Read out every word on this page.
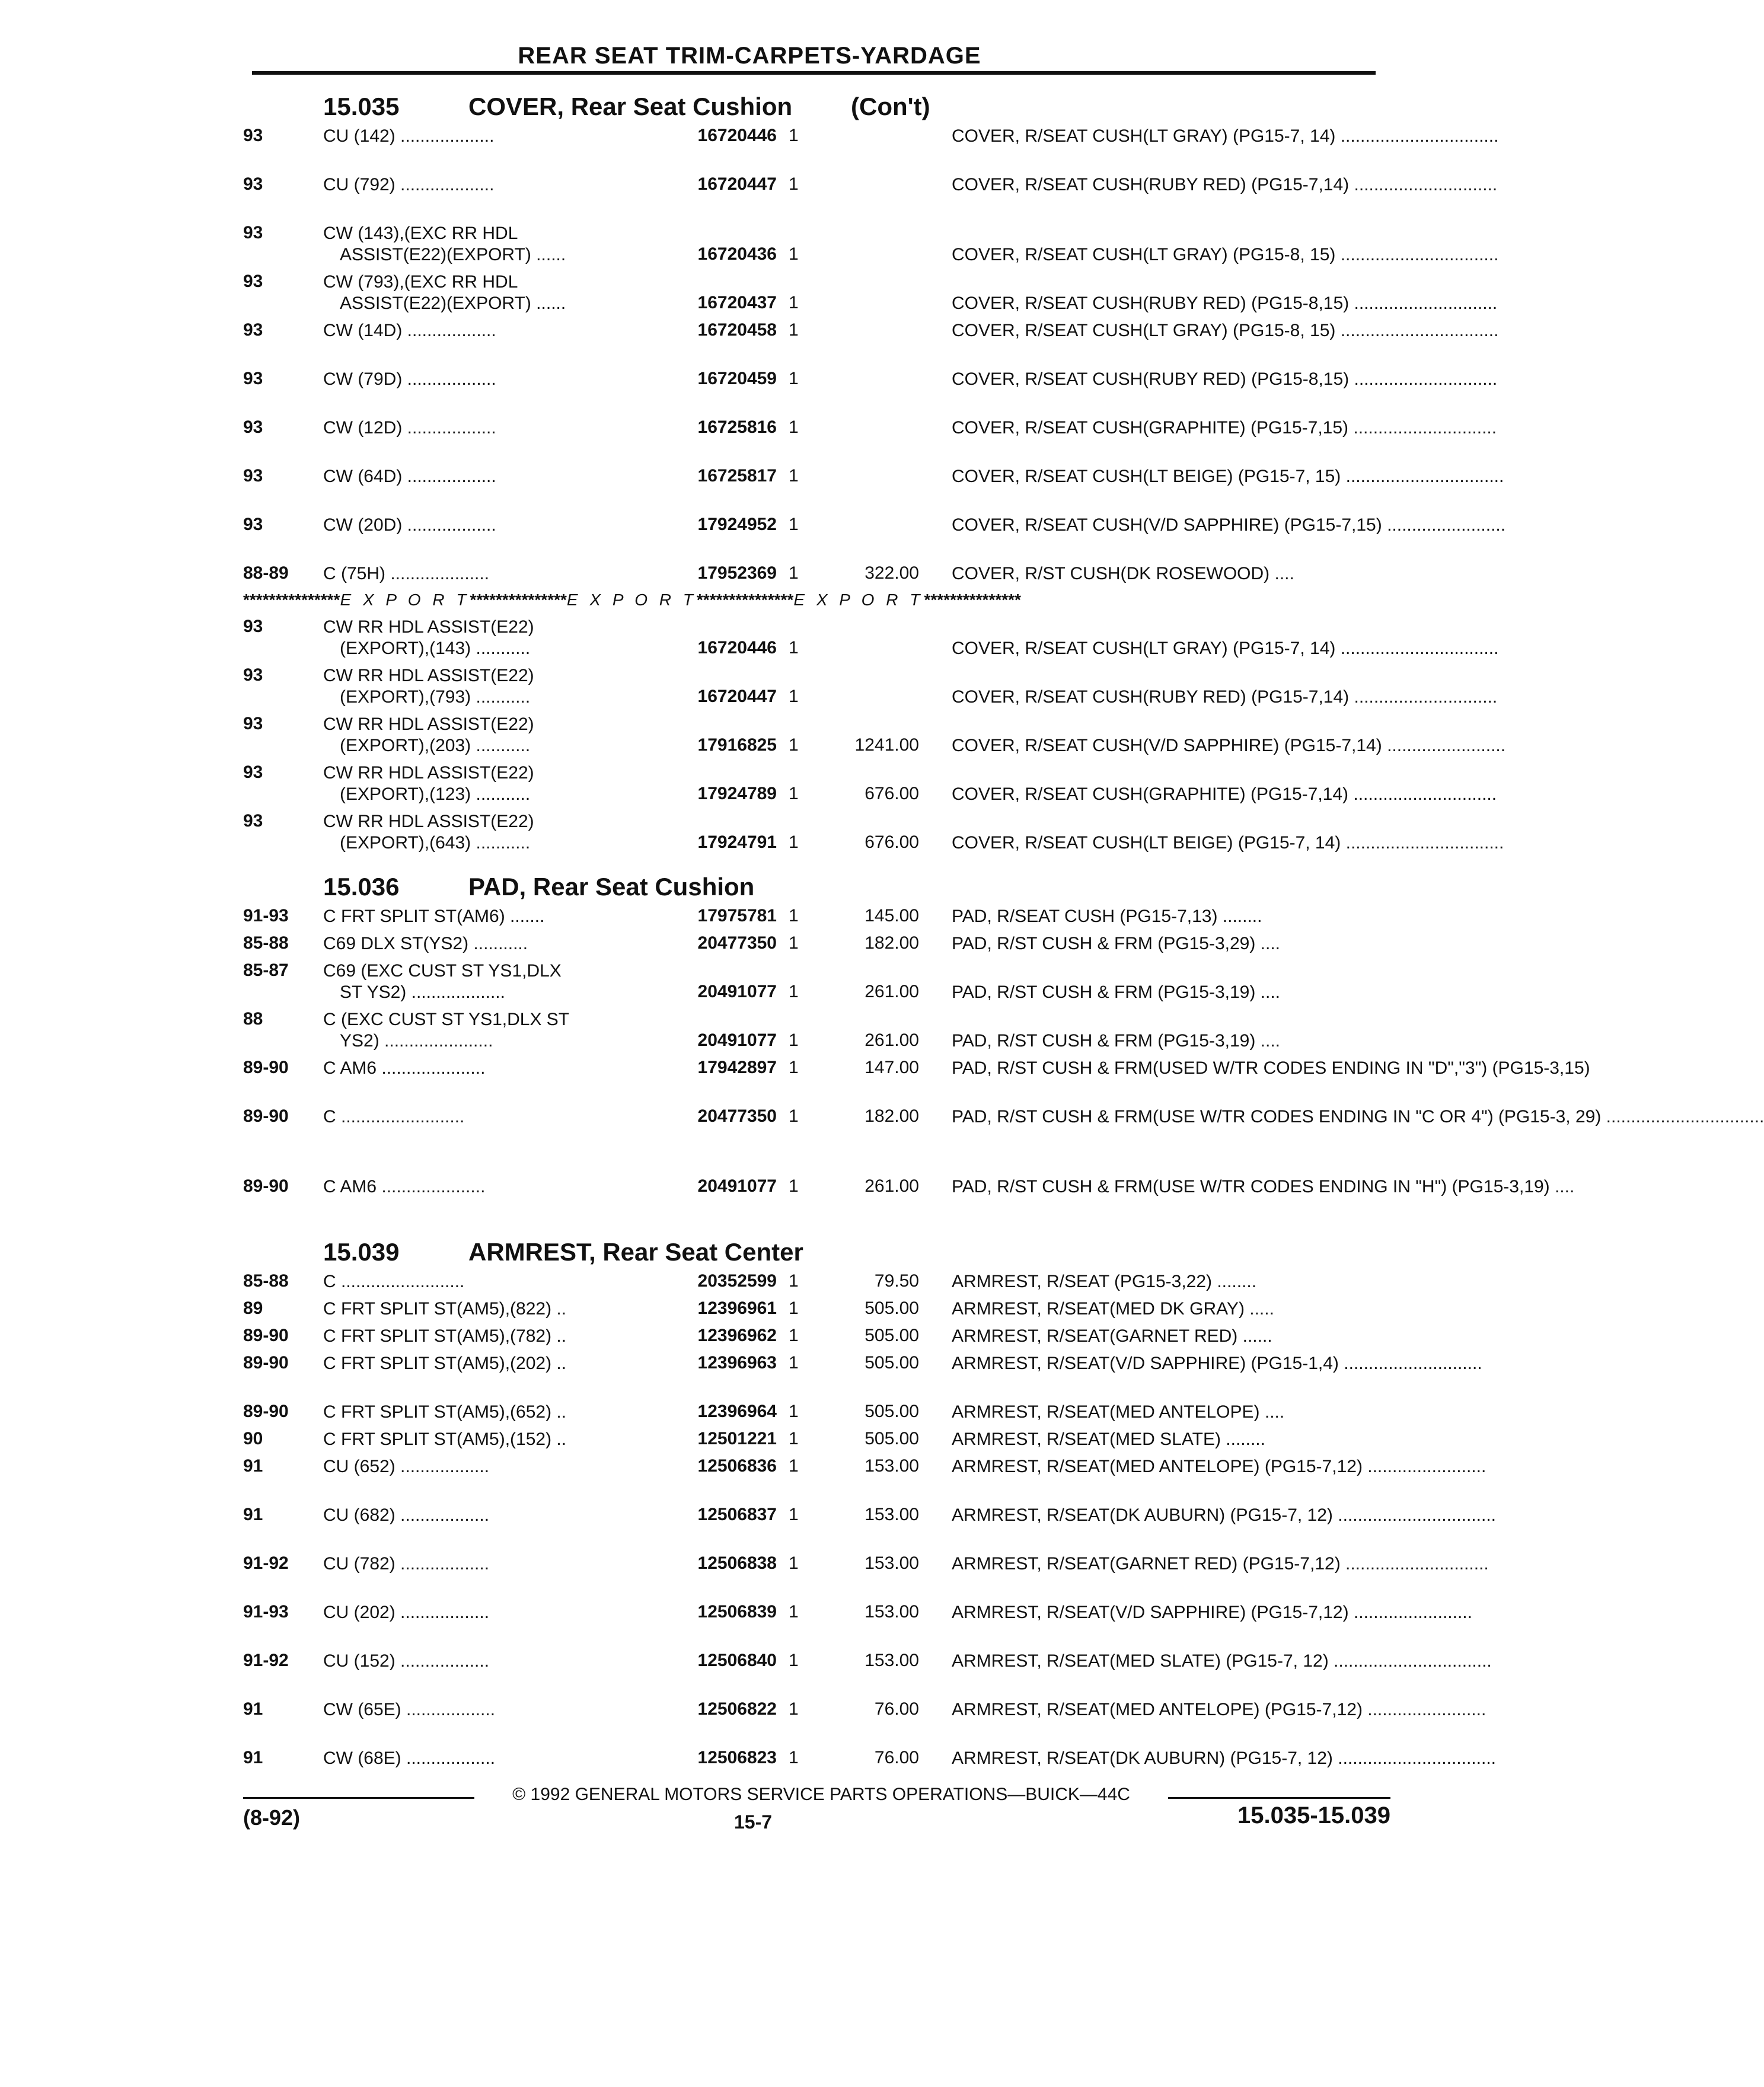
REAR SEAT TRIM-CARPETS-YARDAGE
15.035	COVER, Rear Seat Cushion (Con't)
93	CU (142) ...................	16720446 1	COVER, R/SEAT CUSH(LT GRAY) (PG15-7, 14) ................................
93	CU (792) ...................	16720447 1	COVER, R/SEAT CUSH(RUBY RED) (PG15-7,14) .............................
93	CW (143),(EXC RR HDL
ASSIST(E22)(EXPORT) ......	16720436 1	COVER, R/SEAT CUSH(LT GRAY) (PG15-8, 15) ................................
93	CW (793),(EXC RR HDL
ASSIST(E22)(EXPORT) ......	16720437 1	COVER, R/SEAT CUSH(RUBY RED) (PG15-8,15) .............................
93	CW (14D) ..................	16720458 1	COVER, R/SEAT CUSH(LT GRAY) (PG15-8, 15) ................................
93	CW (79D) ..................	16720459 1	COVER, R/SEAT CUSH(RUBY RED) (PG15-8,15) .............................
93	CW (12D) ..................	16725816 1	COVER, R/SEAT CUSH(GRAPHITE) (PG15-7,15) .............................
93	CW (64D) ..................	16725817 1	COVER, R/SEAT CUSH(LT BEIGE) (PG15-7, 15) ................................
93	CW (20D) ..................	17924952 1	COVER, R/SEAT CUSH(V/D SAPPHIRE) (PG15-7,15) ........................
88-89	C (75H) ....................	17952369 1	322.00 COVER, R/ST CUSH(DK ROSEWOOD) ....
***************E X P O R T***************E X P O R T***************E X P O R T***************
93	CW RR HDL ASSIST(E22)
(EXPORT),(143) ...........	16720446 1	COVER, R/SEAT CUSH(LT GRAY) (PG15-7, 14) ................................
93	CW RR HDL ASSIST(E22)
(EXPORT),(793) ...........	16720447 1	COVER, R/SEAT CUSH(RUBY RED) (PG15-7,14) .............................
93	CW RR HDL ASSIST(E22)
(EXPORT),(203) ...........	17916825 1	1241.00 COVER, R/SEAT CUSH(V/D SAPPHIRE) (PG15-7,14) ........................
93	CW RR HDL ASSIST(E22)
(EXPORT),(123) ...........	17924789 1	676.00 COVER, R/SEAT CUSH(GRAPHITE) (PG15-7,14) .............................
93	CW RR HDL ASSIST(E22)
(EXPORT),(643) ...........	17924791 1	676.00 COVER, R/SEAT CUSH(LT BEIGE) (PG15-7, 14) ................................
15.036	PAD, Rear Seat Cushion
91-93	C FRT SPLIT ST(AM6) .......	17975781 1	145.00 PAD, R/SEAT CUSH (PG15-7,13) ........
85-88	C69 DLX ST(YS2) ...........	20477350 1	182.00 PAD, R/ST CUSH & FRM (PG15-3,29) ....
85-87	C69 (EXC CUST ST YS1,DLX
ST YS2) ...................	20491077 1	261.00 PAD, R/ST CUSH & FRM (PG15-3,19) ....
88	C (EXC CUST ST YS1,DLX ST
YS2) ......................	20491077 1	261.00 PAD, R/ST CUSH & FRM (PG15-3,19) ....
89-90	C AM6 .....................	17942897 1	147.00 PAD, R/ST CUSH & FRM(USED W/TR CODES ENDING IN "D","3") (PG15-3,15)
89-90	C .........................	20477350 1	182.00 PAD, R/ST CUSH & FRM(USE W/TR CODES ENDING IN "C OR 4") (PG15-3, 29) ................................
89-90	C AM6 .....................	20491077 1	261.00 PAD, R/ST CUSH & FRM(USE W/TR CODES ENDING IN "H") (PG15-3,19) ....
15.039	ARMREST, Rear Seat Center
85-88	C .........................	20352599 1	79.50 ARMREST, R/SEAT (PG15-3,22) ........
89	C FRT SPLIT ST(AM5),(822) ..	12396961 1	505.00 ARMREST, R/SEAT(MED DK GRAY) .....
89-90	C FRT SPLIT ST(AM5),(782) ..	12396962 1	505.00 ARMREST, R/SEAT(GARNET RED) ......
89-90	C FRT SPLIT ST(AM5),(202) ..	12396963 1	505.00 ARMREST, R/SEAT(V/D SAPPHIRE) (PG15-1,4) ............................
89-90	C FRT SPLIT ST(AM5),(652) ..	12396964 1	505.00 ARMREST, R/SEAT(MED ANTELOPE) ....
90	C FRT SPLIT ST(AM5),(152) ..	12501221 1	505.00 ARMREST, R/SEAT(MED SLATE) ........
91	CU (652) ..................	12506836 1	153.00 ARMREST, R/SEAT(MED ANTELOPE) (PG15-7,12) ........................
91	CU (682) ..................	12506837 1	153.00 ARMREST, R/SEAT(DK AUBURN) (PG15-7, 12) ................................
91-92	CU (782) ..................	12506838 1	153.00 ARMREST, R/SEAT(GARNET RED) (PG15-7,12) .............................
91-93	CU (202) ..................	12506839 1	153.00 ARMREST, R/SEAT(V/D SAPPHIRE) (PG15-7,12) ........................
91-92	CU (152) ..................	12506840 1	153.00 ARMREST, R/SEAT(MED SLATE) (PG15-7, 12) ................................
91	CW (65E) ..................	12506822 1	76.00 ARMREST, R/SEAT(MED ANTELOPE) (PG15-7,12) ........................
91	CW (68E) ..................	12506823 1	76.00 ARMREST, R/SEAT(DK AUBURN) (PG15-7, 12) ................................
© 1992 GENERAL MOTORS SERVICE PARTS OPERATIONS—BUICK—44C
(8-92)	15-7	15.035-15.039
